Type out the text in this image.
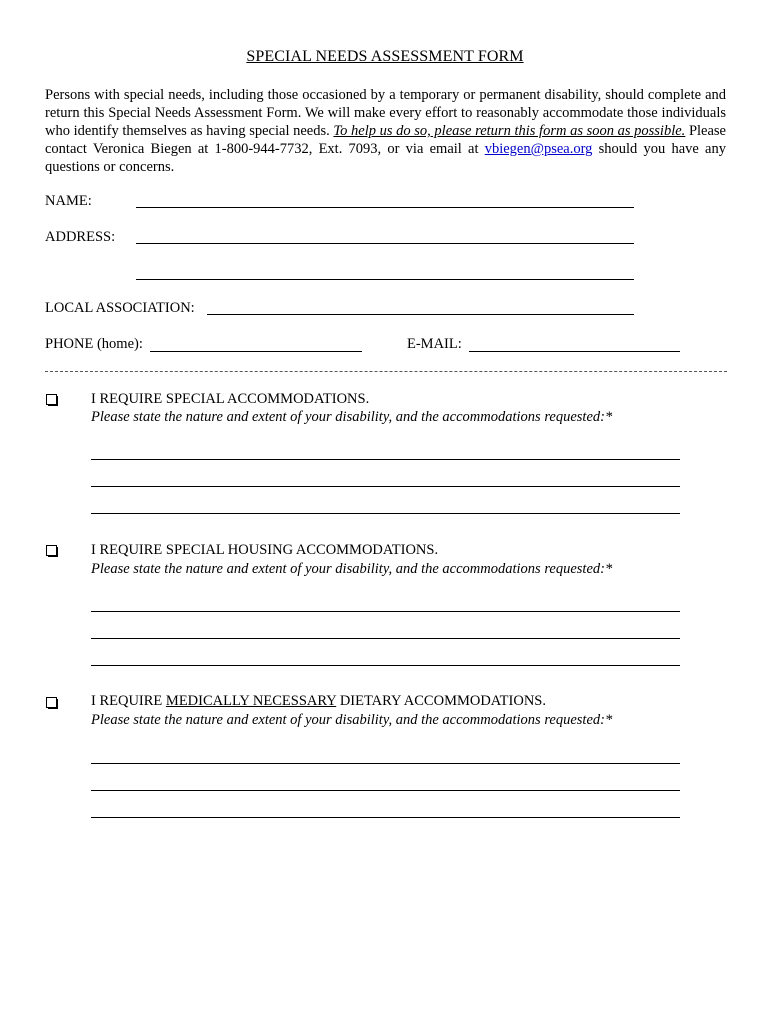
SPECIAL NEEDS ASSESSMENT FORM
Persons with special needs, including those occasioned by a temporary or permanent disability, should complete and return this Special Needs Assessment Form. We will make every effort to reasonably accommodate those individuals who identify themselves as having special needs. To help us do so, please return this form as soon as possible. Please contact Veronica Biegen at 1-800-944-7732, Ext. 7093, or via email at vbiegen@psea.org should you have any questions or concerns.
NAME:
ADDRESS:
LOCAL ASSOCIATION:
PHONE (home):	E-MAIL:
I REQUIRE SPECIAL ACCOMMODATIONS.
Please state the nature and extent of your disability, and the accommodations requested:*
I REQUIRE SPECIAL HOUSING ACCOMMODATIONS.
Please state the nature and extent of your disability, and the accommodations requested:*
I REQUIRE MEDICALLY NECESSARY DIETARY ACCOMMODATIONS.
Please state the nature and extent of your disability, and the accommodations requested:*
